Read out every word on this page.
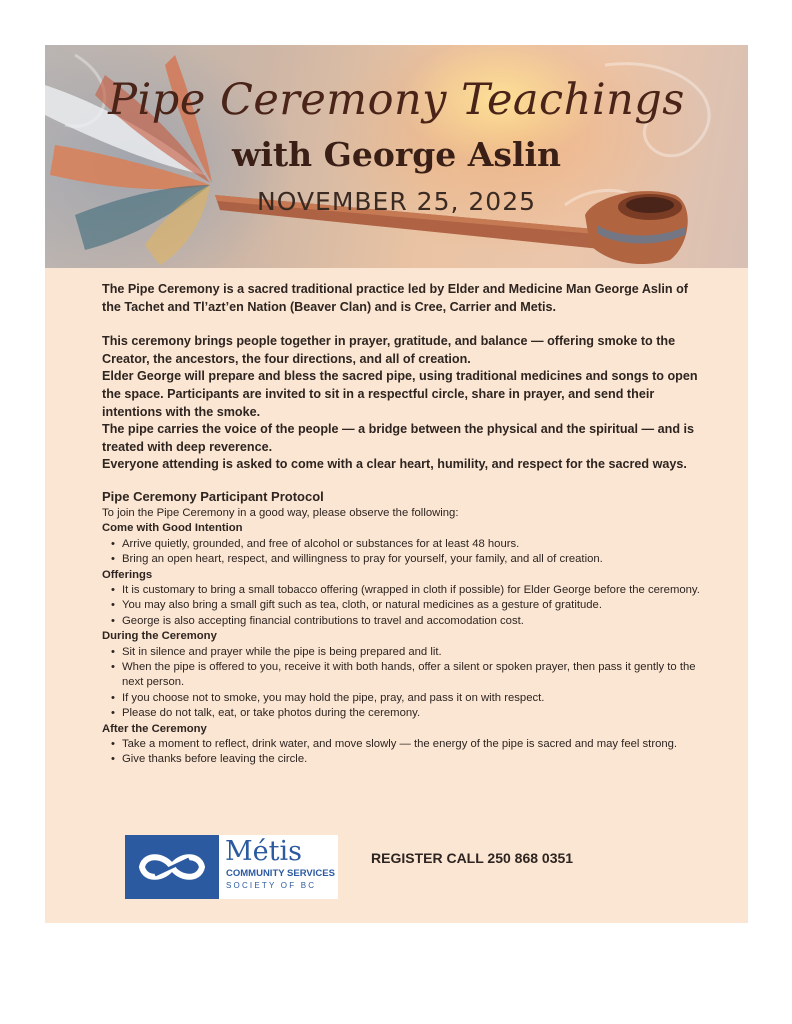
Pipe Ceremony Teachings
with George Aslin
NOVEMBER 25, 2025

The Pipe Ceremony is a sacred traditional practice led by Elder and Medicine Man George Aslin of the Tachet and Tl’azt’en Nation (Beaver Clan) and is Cree, Carrier and Metis.

This ceremony brings people together in prayer, gratitude, and balance — offering smoke to the Creator, the ancestors, the four directions, and all of creation.

Elder George will prepare and bless the sacred pipe, using traditional medicines and songs to open the space. Participants are invited to sit in a respectful circle, share in prayer, and send their intentions with the smoke.

The pipe carries the voice of the people — a bridge between the physical and the spiritual — and is treated with deep reverence.

Everyone attending is asked to come with a clear heart, humility, and respect for the sacred ways.

Pipe Ceremony Participant Protocol
To join the Pipe Ceremony in a good way, please observe the following:
Come with Good Intention
• Arrive quietly, grounded, and free of alcohol or substances for at least 48 hours.
• Bring an open heart, respect, and willingness to pray for yourself, your family, and all of creation.
Offerings
• It is customary to bring a small tobacco offering (wrapped in cloth if possible) for Elder George before the ceremony.
• You may also bring a small gift such as tea, cloth, or natural medicines as a gesture of gratitude.
• George is also accepting financial contributions to travel and accomodation cost.
During the Ceremony
• Sit in silence and prayer while the pipe is being prepared and lit.
• When the pipe is offered to you, receive it with both hands, offer a silent or spoken prayer, then pass it gently to the next person.
• If you choose not to smoke, you may hold the pipe, pray, and pass it on with respect.
• Please do not talk, eat, or take photos during the ceremony.
After the Ceremony
• Take a moment to reflect, drink water, and move slowly — the energy of the pipe is sacred and may feel strong.
• Give thanks before leaving the circle.
Métis
COMMUNITY SERVICES
SOCIETY OF BC
REGISTER CALL 250 868 0351
